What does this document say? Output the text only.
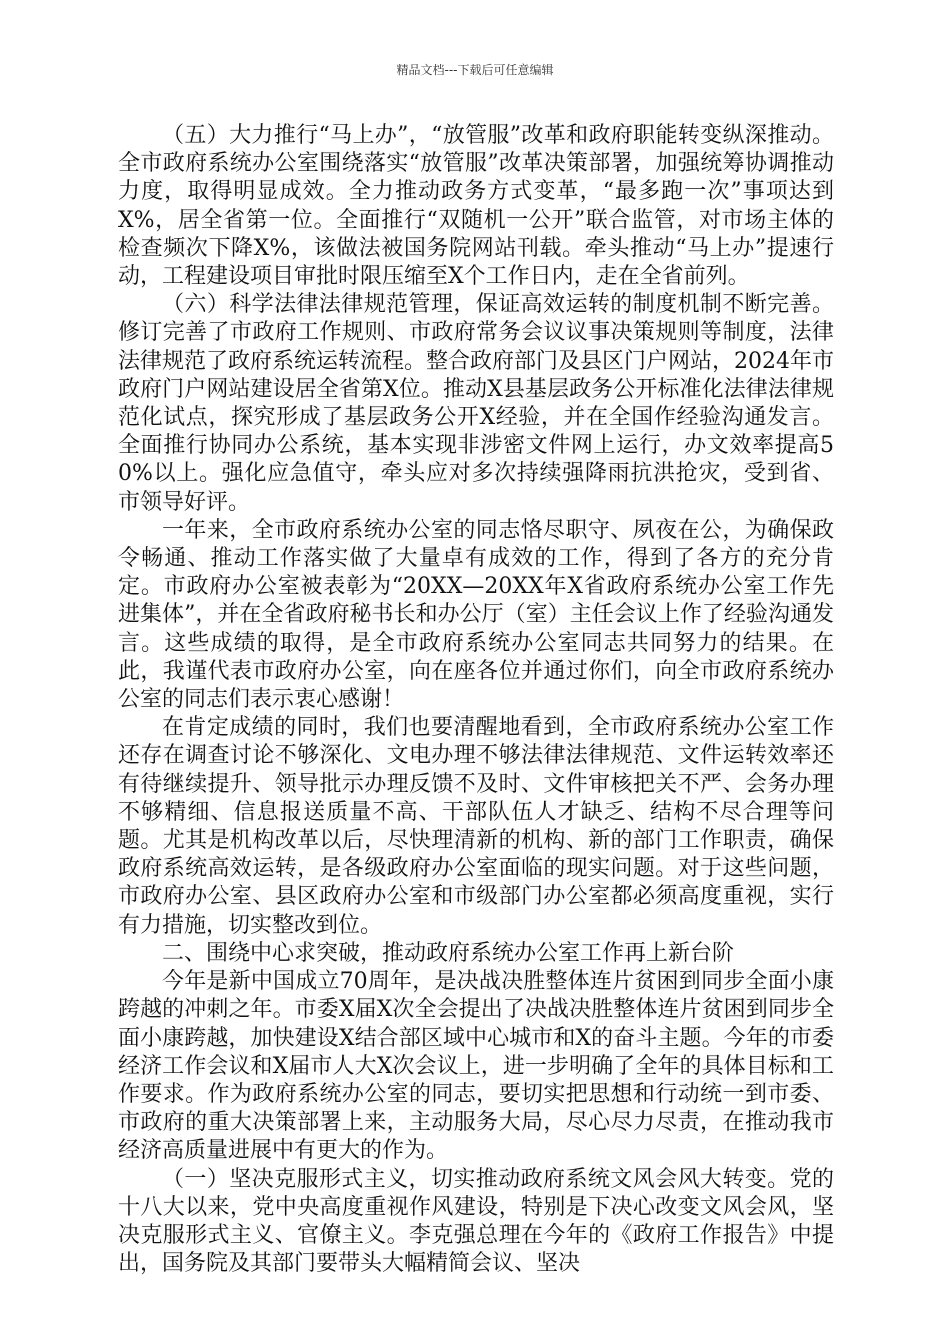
精品文档---下载后可任意编辑

（五）大力推行“马上办”，“放管服”改革和政府职能转变纵深推动。全市政府系统办公室围绕落实“放管服”改革决策部署，加强统筹协调推动力度，取得明显成效。全力推动政务方式变革，“最多跑一次”事项达到X%，居全省第一位。全面推行“双随机一公开”联合监管，对市场主体的检查频次下降X%，该做法被国务院网站刊载。牵头推动“马上办”提速行动，工程建设项目审批时限压缩至X个工作日内，走在全省前列。

（六）科学法律法律规范管理，保证高效运转的制度机制不断完善。修订完善了市政府工作规则、市政府常务会议议事决策规则等制度，法律法律规范了政府系统运转流程。整合政府部门及县区门户网站，2024年市政府门户网站建设居全省第X位。推动X县基层政务公开标准化法律法律规范化试点，探究形成了基层政务公开X经验，并在全国作经验沟通发言。全面推行协同办公系统，基本实现非涉密文件网上运行，办文效率提高50%以上。强化应急值守，牵头应对多次持续强降雨抗洪抢灾，受到省、市领导好评。

一年来，全市政府系统办公室的同志恪尽职守、夙夜在公，为确保政令畅通、推动工作落实做了大量卓有成效的工作，得到了各方的充分肯定。市政府办公室被表彰为“20XX—20XX年X省政府系统办公室工作先进集体”，并在全省政府秘书长和办公厅（室）主任会议上作了经验沟通发言。这些成绩的取得，是全市政府系统办公室同志共同努力的结果。在此，我谨代表市政府办公室，向在座各位并通过你们，向全市政府系统办公室的同志们表示衷心感谢！

在肯定成绩的同时，我们也要清醒地看到，全市政府系统办公室工作还存在调查讨论不够深化、文电办理不够法律法律规范、文件运转效率还有待继续提升、领导批示办理反馈不及时、文件审核把关不严、会务办理不够精细、信息报送质量不高、干部队伍人才缺乏、结构不尽合理等问题。尤其是机构改革以后，尽快理清新的机构、新的部门工作职责，确保政府系统高效运转，是各级政府办公室面临的现实问题。对于这些问题，市政府办公室、县区政府办公室和市级部门办公室都必须高度重视，实行有力措施，切实整改到位。

二、围绕中心求突破，推动政府系统办公室工作再上新台阶

今年是新中国成立70周年，是决战决胜整体连片贫困到同步全面小康跨越的冲刺之年。市委X届X次全会提出了决战决胜整体连片贫困到同步全面小康跨越，加快建设X结合部区域中心城市和X的奋斗主题。今年的市委经济工作会议和X届市人大X次会议上，进一步明确了全年的具体目标和工作要求。作为政府系统办公室的同志，要切实把思想和行动统一到市委、市政府的重大决策部署上来，主动服务大局，尽心尽力尽责，在推动我市经济高质量进展中有更大的作为。

（一）坚决克服形式主义，切实推动政府系统文风会风大转变。党的十八大以来，党中央高度重视作风建设，特别是下决心改变文风会风，坚决克服形式主义、官僚主义。李克强总理在今年的《政府工作报告》中提出，国务院及其部门要带头大幅精简会议、坚决
